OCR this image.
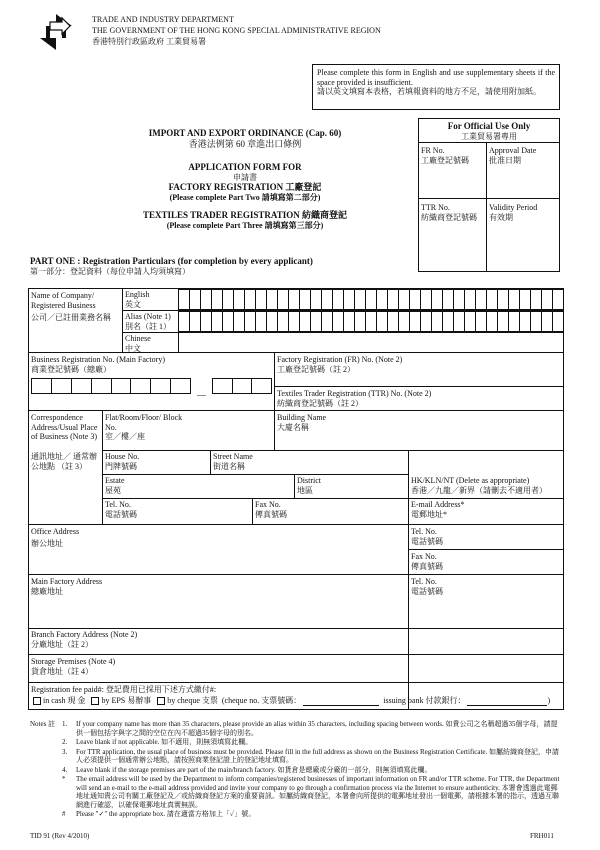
TRADE AND INDUSTRY DEPARTMENT
THE GOVERNMENT OF THE HONG KONG SPECIAL ADMINISTRATIVE REGION
香港特別行政區政府 工業貿易署
Please complete this form in English and use supplementary sheets if the space provided is insufficient.
請以英文填寫本表格，若填報資料的地方不足，請使用附加紙。
IMPORT AND EXPORT ORDINANCE (Cap. 60)
香港法例第 60 章進出口條例
APPLICATION FORM FOR
申請書
FACTORY REGISTRATION 工廠登記
(Please complete Part Two 請填寫第二部分)
TEXTILES TRADER REGISTRATION 紡織商登記
(Please complete Part Three 請填寫第三部分)
For Official Use Only
工業貿易署專用
FR No.
工廠登記號碼
Approval Date
批准日期
TTR No.
紡織商登記號碼
Validity Period
有效期
PART ONE : Registration Particulars (for completion by every applicant)
第一部分：登記資料（每位申請人均須填寫）
Name of Company/ Registered Business
公司／已註冊業務名稱
English
英文
Alias (Note 1)
別名（註 1）
Chinese
中文
Business Registration No. (Main Factory)
商業登記號碼（總廠）
Factory Registration (FR) No. (Note 2)
工廠登記號碼（註 2）
—	Textiles Trader Registration (TTR) No. (Note 2)
紡織商登記號碼（註 2）
Correspondence Address/Usual Place of Business (Note 3)
通訊地址／ 通常辦公地點 （註 3）
Flat/Room/Floor/ Block No.
室／樓／座
Building Name
大廈名稱
House No.
門牌號碼
Street Name
街道名稱
Estate
屋苑
District
地區
HK/KLN/NT (Delete as appropriate)
香港／九龍／新界（請刪去不適用者）
Tel. No.
電話號碼
Fax No.
傳真號碼
E-mail Address*
電郵地址*
Office Address
辦公地址
Tel. No.
電話號碼
Fax No.
傳真號碼
Main Factory Address
總廠地址
Tel. No.
電話號碼
Branch Factory Address (Note 2)
分廠地址（註 2）
Storage Premises (Note 4)
貨倉地址（註 4）
Registration fee paid#: 登記費用已採用下述方式繳付#:
in cash 現 金 by EPS 易辦事 by cheque 支票 (cheque no. 支票號碼：	issuing bank 付款銀行：	)
Notes 註 1.	If your company name has more than 35 characters, please provide an alias within 35 characters, including spacing between words. 如貴公司之名稱超過35個字母，請提供一個包括字與字之間的空位在內不超過35個字母的別名。
2.	Leave blank if not applicable. 如不適用，則無須填寫此欄。
3.	For TTR application, the usual place of business must be provided. Please fill in the full address as shown on the Business Registration Certificate. 如屬紡織商登記，申請人必須提供一個通常辦公地點，請按照商業登記證上的登記地址填寫。
4.	Leave blank if the storage premises are part of the main/branch factory. 如貨倉是總廠或分廠的一部分，則無須填寫此欄。
*	The email address will be used by the Department to inform companies/registered businesses of important information on FR and/or TTR scheme. For TTR, the Department will send an e-mail to the e-mail address provided and invite your company to go through a confirmation process via the Internet to ensure authenticity. 本署會透過此電郵地址通知貴公司有關工廠登記及／或紡織商登記方案的重要資訊。如屬紡織商登記，本署會向所提供的電郵地址發出一個電郵，請根據本署的指示，透過互聯網進行確認，以確保電郵地址真實無誤。
#	Please "✓" the appropriate box. 請在適當方格加上「✓」號。
TID 91 (Rev 4/2010)	FRH011
